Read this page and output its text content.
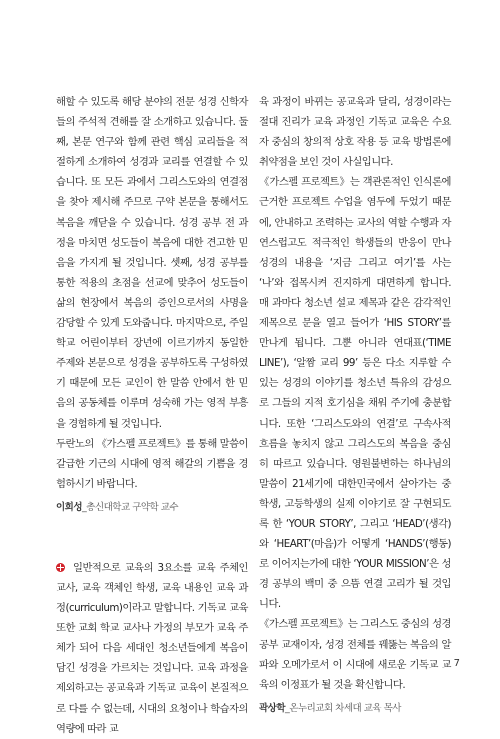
해할 수 있도록 해당 분야의 전문 성경 신학자들의 주석적 견해를 잘 소개하고 있습니다. 둘째, 본문 연구와 함께 관련 핵심 교리들을 적절하게 소개하여 성경과 교리를 연결할 수 있습니다. 또 모든 과에서 그리스도와의 연결점을 찾아 제시해 주므로 구약 본문을 통해서도 복음을 깨닫을 수 있습니다. 성경 공부 전 과정을 마치면 성도들이 복음에 대한 견고한 믿음을 가지게 될 것입니다. 셋째, 성경 공부를 통한 적용의 초점을 선교에 맞추어 성도들이 삶의 현장에서 복음의 증인으로서의 사명을 감당할 수 있게 도와줍니다. 마지막으로, 주일학교 어린이부터 장년에 이르기까지 동일한 주제와 본문으로 성경을 공부하도록 구성하였기 때문에 모든 교인이 한 말씀 안에서 한 믿음의 공동체를 이루며 성숙해 가는 영적 부흥을 경험하게 될 것입니다.

두란노의 《가스펠 프로젝트》를 통해 말씀이 갈급한 기근의 시대에 영적 해갈의 기쁨을 경험하시기 바랍니다.

이희성_총신대학교 구약학 교수

일반적으로 교육의 3요소를 교육 주체인 교사, 교육 객체인 학생, 교육 내용인 교육 과정(curriculum)이라고 말합니다. 기독교 교육 또한 교회 학교 교사나 가정의 부모가 교육 주체가 되어 다음 세대인 청소년들에게 복음이 담긴 성경을 가르치는 것입니다. 교육 과정을 제외하고는 공교육과 기독교 교육이 본질적으로 다를 수 없는데, 시대의 요청이나 학습자의 역량에 따라 교

육 과정이 바뀌는 공교육과 달리, 성경이라는 절대 진리가 교육 과정인 기독교 교육은 수요자 중심의 창의적 상호 작용 등 교육 방법론에 취약점을 보인 것이 사실입니다.

《가스펠 프로젝트》는 객관론적인 인식론에 근거한 프로젝트 수업을 염두에 두었기 때문에, 안내하고 조력하는 교사의 역할 수행과 자연스럽고도 적극적인 학생들의 반응이 만나 성경의 내용을 ‘지금 그리고 여기’를 사는 ‘나’와 접목시켜 진지하게 대면하게 합니다. 매 과마다 청소년 설교 제목과 같은 감각적인 제목으로 문을 열고 들어가 ‘HIS STORY’를 만나게 됩니다. 그뿐 아니라 연대표(‘TIME LINE’), ‘알짬 교리 99’ 등은 다소 지루할 수 있는 성경의 이야기를 청소년 특유의 감성으로 그들의 지적 호기심을 채워 주기에 충분합니다. 또한 ‘그리스도와의 연결’로 구속사적 흐름을 놓치지 않고 그리스도의 복음을 중심히 따르고 있습니다. 영원불변하는 하나님의 말씀이 21세기에 대한민국에서 살아가는 중학생, 고등학생의 실제 이야기로 잘 구현되도록 한 ‘YOUR STORY’, 그리고 ‘HEAD’(생각)와 ‘HEART’(마음)가 어떻게 ‘HANDS’(행동)로 이어지는가에 대한 ‘YOUR MISSION’은 성경 공부의 백미 중 으뜸 연결 고리가 될 것입니다.

《가스펠 프로젝트》는 그리스도 중심의 성경 공부 교재이자, 성경 전체를 꿰뚫는 복음의 알파와 오메가로서 이 시대에 새로운 기독교 교육의 이정표가 될 것을 확신합니다.

곽상학_온누리교회 차세대 교육 목사
7
